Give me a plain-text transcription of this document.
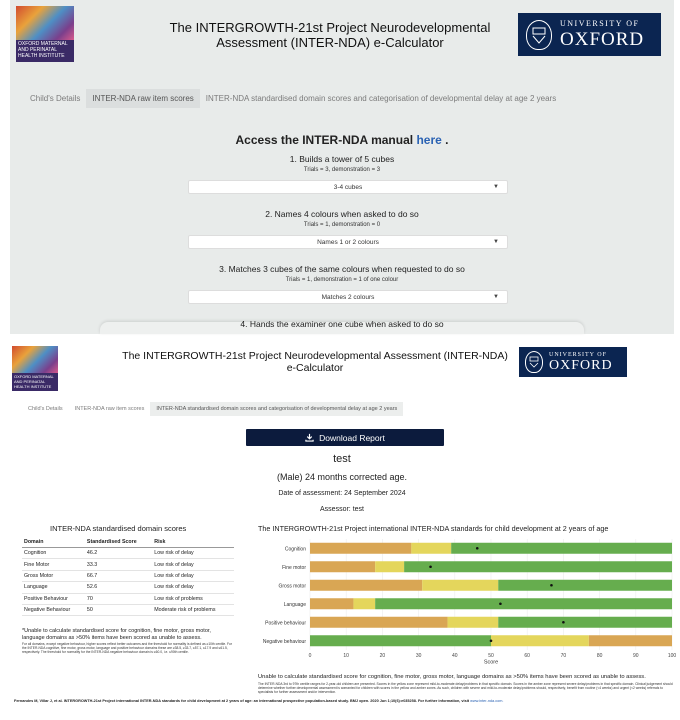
OXFORD MATERNAL AND PERINATAL HEALTH INSTITUTE
The INTERGROWTH-21st Project Neurodevelopmental Assessment (INTER-NDA) e-Calculator
UNIVERSITY OF
OXFORD
Child's Details	INTER-NDA raw item scores	INTER-NDA standardised domain scores and categorisation of developmental delay at age 2 years
Access the INTER-NDA manual here .
1. Builds a tower of 5 cubes
Trials = 3, demonstration = 3
3-4 cubes	▼
2. Names 4 colours when asked to do so
Trials = 1, demonstration = 0
Names 1 or 2 colours	▼
3. Matches 3 cubes of the same colours when requested to do so
Trials = 1, demonstration = 1 of one colour
Matches 2 colours	▼
4. Hands the examiner one cube when asked to do so
OXFORD MATERNAL AND PERINATAL HEALTH INSTITUTE
The INTERGROWTH-21st Project Neurodevelopmental Assessment (INTER-NDA) e-Calculator
UNIVERSITY OF
OXFORD
Child's Details	INTER-NDA raw item scores	INTER-NDA standardised domain scores and categorisation of developmental delay at age 2 years
Download Report
test
(Male) 24 months corrected age.
Date of assessment: 24 September 2024
Assessor: test
INTER-NDA standardised domain scores
Domain	Standardised Score	Risk
Cognition	46.2	Low risk of delay
Fine Motor	33.3	Low risk of delay
Gross Motor	66.7	Low risk of delay
Language	52.6	Low risk of delay
Positive Behaviour	70	Low risk of problems
Negative Behaviour	50	Moderate risk of problems
*Unable to calculate standardised score for cognition, fine motor, gross motor, language domains as >50% items have been scored as unable to assess.
For all domains, except negative behaviour, higher scores reflect better outcomes and the threshold for normality is defined as ≥10th centile. For the INTER-NDA cognitive, fine motor, gross motor, language and positive behaviour domains these are ≥38.5, ≥33.7, ≤57.1, ≤17.9 and ≤61.5, respectively. The threshold for normality for the INTER-NDA negative behaviour domain is ≤60.0, i.e. ≤90th centile.
The INTERGROWTH-21st Project international INTER-NDA standards for child development at 2 years of age
Cognition
Fine motor
Gross motor
Language
Positive behaviour
Negative behaviour
0	10	20	30	40	50	60	70	80	90	100
Score
Unable to calculate standardised score for cognition, fine motor, gross motor, language domains as >50% items have been scored as unable to assess.
The INTER-NDA 3rd to 97th centile ranges for 2-year-old children are presented. Scores in the yellow zone represent mild-to-moderate delay/problems in that specific domain. Scores in the amber zone represent severe delay/problems in that specific domain. Clinical judgement should determine whether further developmental assessment is warranted for children with scores in the yellow and amber zones. As such, children with severe and mild-to-moderate delay/problems should, respectively, benefit from routine (<4 weeks) and urgent (<2 weeks) referrals to specialists for further assessment and/or intervention.
Fernandes M, Villar J, et al. INTERGROWTH-21st Project international INTER-NDA standards for child development at 2 years of age: an international prospective population-based study. BMJ open. 2020 Jun 1;10(6):e035258. For further information, visit www.inter-nda.com.
